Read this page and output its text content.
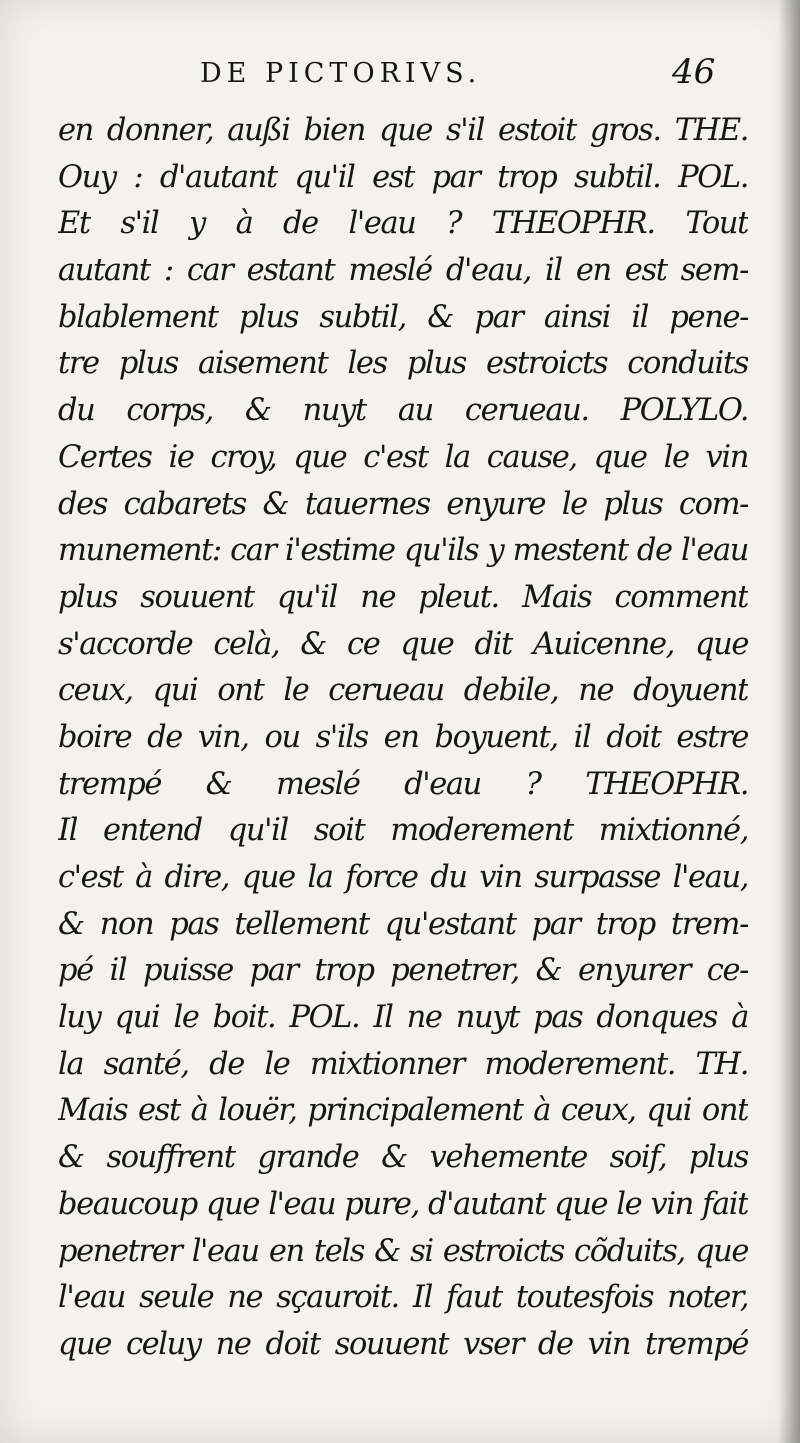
DE PICTORIVS.	46
en donner, außi bien que s'il estoit gros. THE.
Ouy : d'autant qu'il est par trop subtil. POL.
Et s'il y à de l'eau ? THEOPHR. Tout
autant : car estant meslé d'eau, il en est sem-
blablement plus subtil, & par ainsi il pene-
tre plus aisement les plus estroicts conduits
du corps, & nuyt au cerueau. POLYLO.
Certes ie croy, que c'est la cause, que le vin
des cabarets & tauernes enyure le plus com-
munement: car i'estime qu'ils y mestent de l'eau
plus souuent qu'il ne pleut. Mais comment
s'accorde celà, & ce que dit Auicenne, que
ceux, qui ont le cerueau debile, ne doyuent
boire de vin, ou s'ils en boyuent, il doit estre
trempé & meslé d'eau ? THEOPHR.
Il entend qu'il soit moderement mixtionné,
c'est à dire, que la force du vin surpasse l'eau,
& non pas tellement qu'estant par trop trem-
pé il puisse par trop penetrer, & enyurer ce-
luy qui le boit. POL. Il ne nuyt pas donques à
la santé, de le mixtionner moderement. TH.
Mais est à louër, principalement à ceux, qui ont
& souffrent grande & vehemente soif, plus
beaucoup que l'eau pure, d'autant que le vin fait
penetrer l'eau en tels & si estroicts cõduits, que
l'eau seule ne sçauroit. Il faut toutesfois noter,
que celuy ne doit souuent vser de vin trempé
